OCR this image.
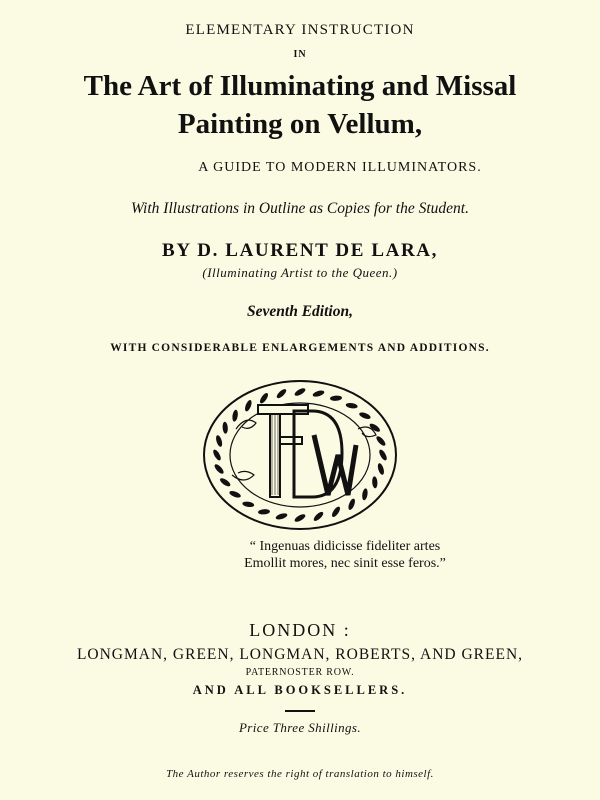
ELEMENTARY INSTRUCTION

IN

The Art of Illuminating and Missal

Painting on Vellum,

A GUIDE TO MODERN ILLUMINATORS.

With Illustrations in Outline as Copies for the Student.

BY D. LAURENT DE LARA,

(Illuminating Artist to the Queen.)

Seventh Edition,

WITH CONSIDERABLE ENLARGEMENTS AND ADDITIONS.

“ Ingenuas didicisse fideliter artes

Emollit mores, nec sinit esse feros.”

LONDON :

LONGMAN, GREEN, LONGMAN, ROBERTS, AND GREEN,

PATERNOSTER ROW.

AND ALL BOOKSELLERS.

Price Three Shillings.

The Author reserves the right of translation to himself.
